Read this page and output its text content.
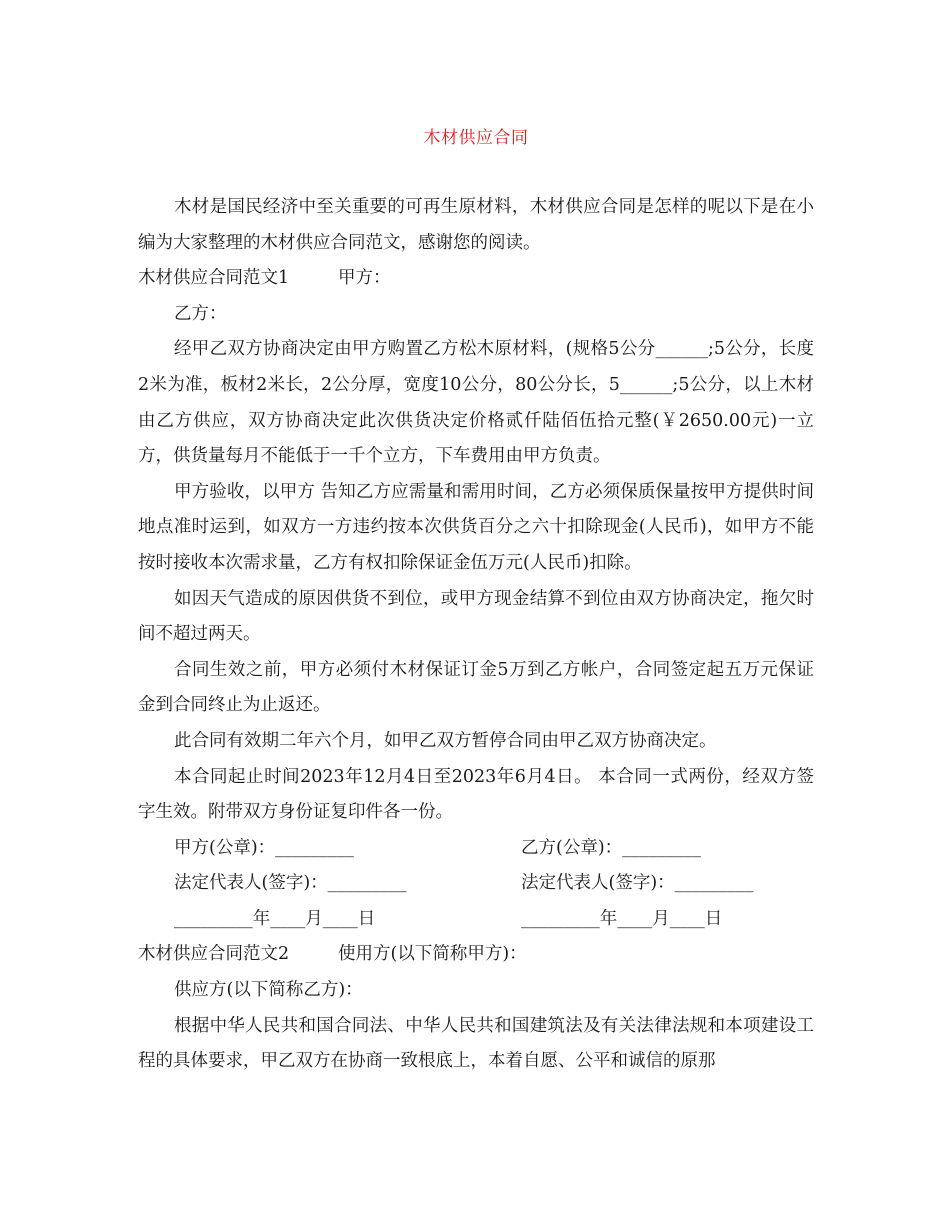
木材供应合同

木材是国民经济中至关重要的可再生原材料，木材供应合同是怎样的呢以下是在小编为大家整理的木材供应合同范文，感谢您的阅读。

木材供应合同范文1	甲方：

乙方：

经甲乙双方协商决定由甲方购置乙方松木原材料，(规格5公分______;5公分，长度2米为准，板材2米长，2公分厚，宽度10公分，80公分长，5______;5公分，以上木材由乙方供应，双方协商决定此次供货决定价格贰仟陆佰伍拾元整(￥2650.00元)一立方，供货量每月不能低于一千个立方，下车费用由甲方负责。

甲方验收，以甲方 告知乙方应需量和需用时间，乙方必须保质保量按甲方提供时间地点准时运到，如双方一方违约按本次供货百分之六十扣除现金(人民币)，如甲方不能按时接收本次需求量，乙方有权扣除保证金伍万元(人民币)扣除。

如因天气造成的原因供货不到位，或甲方现金结算不到位由双方协商决定，拖欠时间不超过两天。

合同生效之前，甲方必须付木材保证订金5万到乙方帐户，合同签定起五万元保证金到合同终止为止返还。

此合同有效期二年六个月，如甲乙双方暂停合同由甲乙双方协商决定。

本合同起止时间2023年12月4日至2023年6月4日。 本合同一式两份，经双方签字生效。附带双方身份证复印件各一份。

甲方(公章)：_________	乙方(公章)：_________
法定代表人(签字)：_________	法定代表人(签字)：_________
_________年____月____日	_________年____月____日
木材供应合同范文2	使用方(以下简称甲方)：

供应方(以下简称乙方)：

根据中华人民共和国合同法、中华人民共和国建筑法及有关法律法规和本项建设工程的具体要求，甲乙双方在协商一致根底上，本着自愿、公平和诚信的原那
